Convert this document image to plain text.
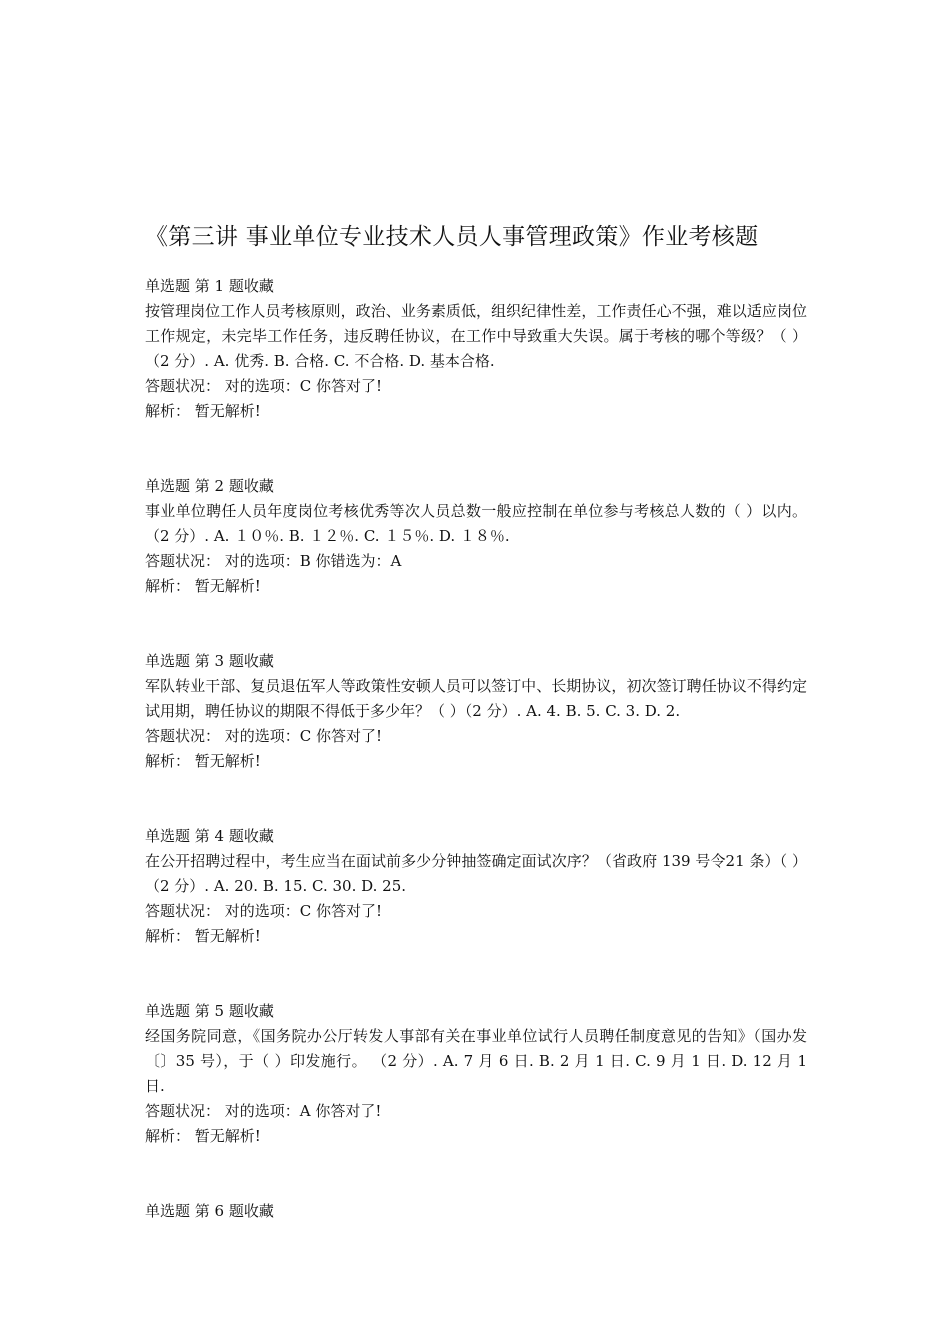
《第三讲 事业单位专业技术人员人事管理政策》作业考核题
单选题 第 1 题收藏
按管理岗位工作人员考核原则，政治、业务素质低，组织纪律性差，工作责任心不强，难以适应岗位工作规定，未完毕工作任务，违反聘任协议，在工作中导致重大失误。属于考核的哪个等级？（ ）（2 分）. A. 优秀. B. 合格. C. 不合格. D. 基本合格.
答题状况： 对的选项：C 你答对了!
解析： 暂无解析!
单选题 第 2 题收藏
事业单位聘任人员年度岗位考核优秀等次人员总数一般应控制在单位参与考核总人数的（ ）以内。 （2 分）. A. １０％. B. １２％. C. １５％. D. １８％.
答题状况： 对的选项：B 你错选为：A
解析： 暂无解析!
单选题 第 3 题收藏
军队转业干部、复员退伍军人等政策性安顿人员可以签订中、长期协议，初次签订聘任协议不得约定试用期，聘任协议的期限不得低于多少年？（ ）（2 分）. A. 4. B. 5. C. 3. D. 2.
答题状况： 对的选项：C 你答对了!
解析： 暂无解析!
单选题 第 4 题收藏
在公开招聘过程中，考生应当在面试前多少分钟抽签确定面试次序？（省政府 139 号令21 条）（ ）（2 分）. A. 20. B. 15. C. 30. D. 25.
答题状况： 对的选项：C 你答对了!
解析： 暂无解析!
单选题 第 5 题收藏
经国务院同意，《国务院办公厅转发人事部有关在事业单位试行人员聘任制度意见的告知》（国办发〔〕35 号），于（ ）印发施行。 （2 分）. A. 7 月 6 日. B. 2 月 1 日. C. 9 月 1 日. D. 12 月 1 日.
答题状况： 对的选项：A 你答对了!
解析： 暂无解析!
单选题 第 6 题收藏
